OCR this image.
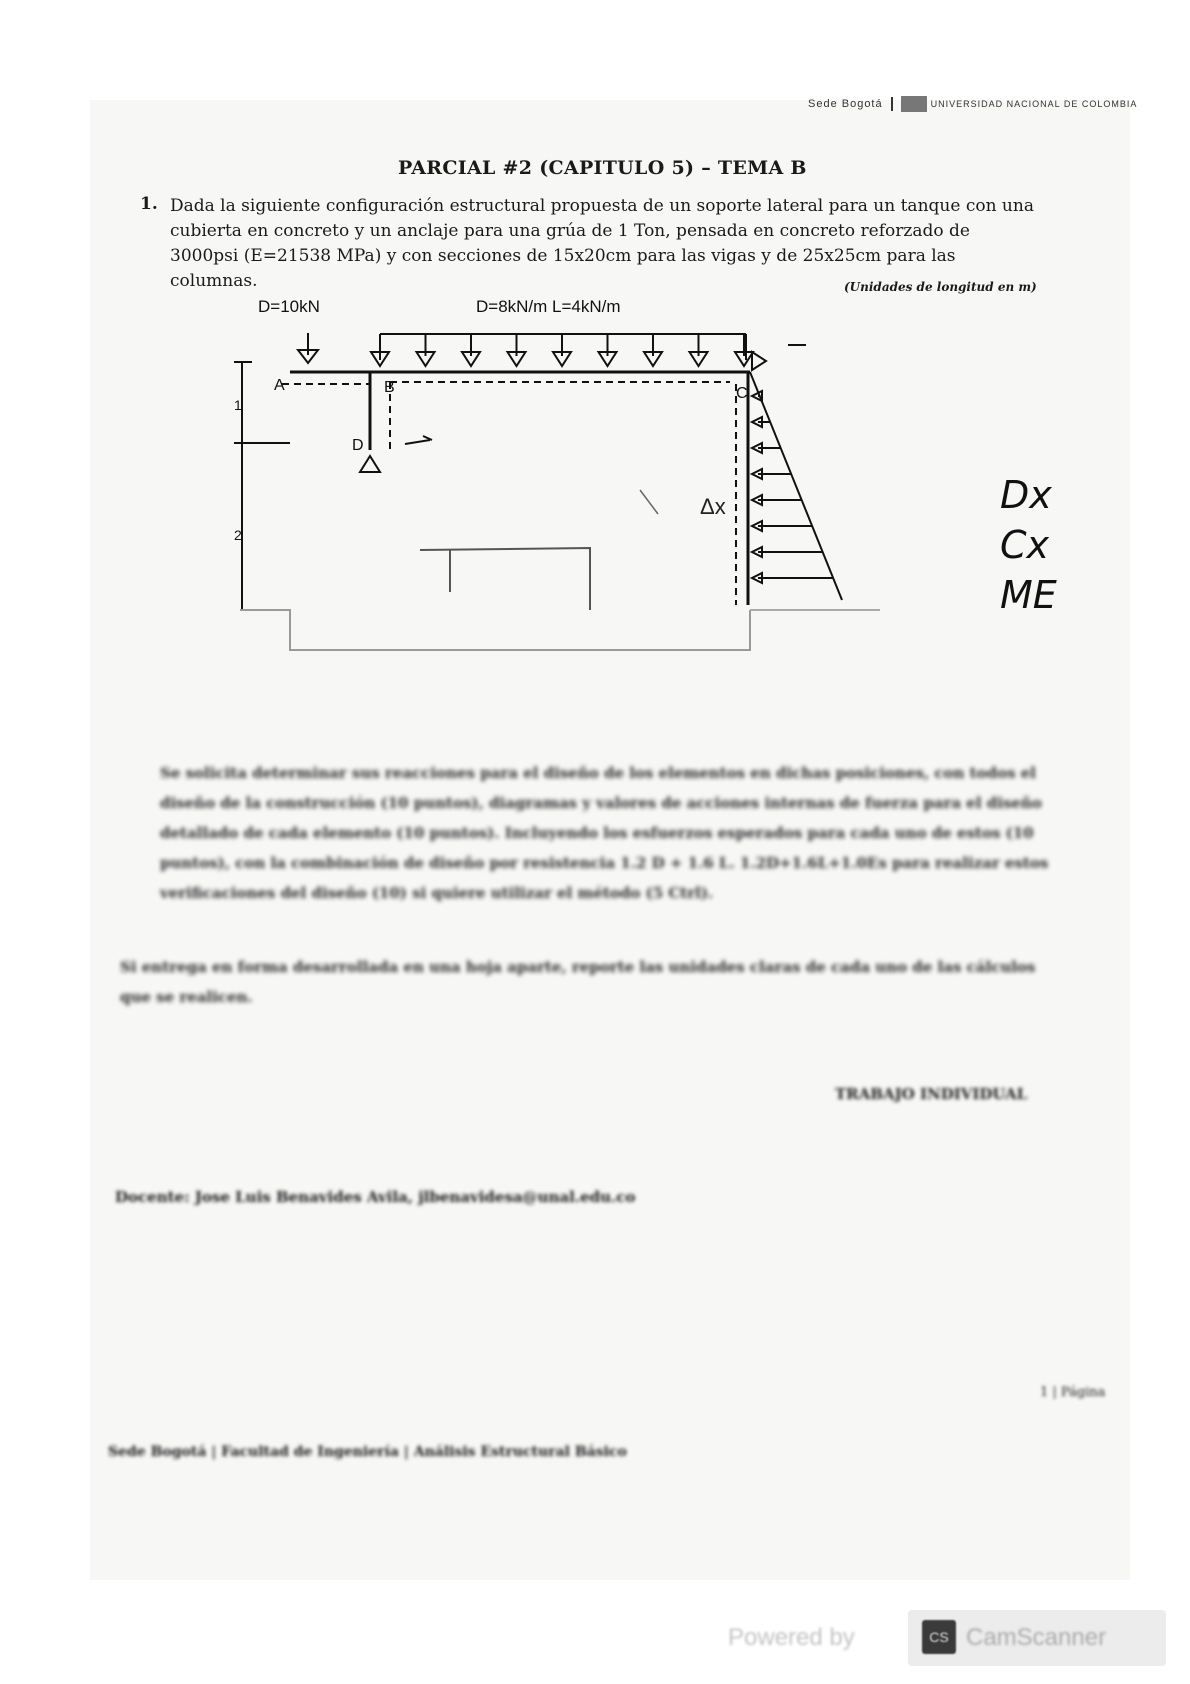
Sede Bogotá	UNIVERSIDAD NACIONAL DE COLOMBIA
PARCIAL #2 (CAPITULO 5) – TEMA B
1. Dada la siguiente configuración estructural propuesta de un soporte lateral para un tanque con una cubierta en concreto y un anclaje para una grúa de 1 Ton, pensada en concreto reforzado de 3000psi (E=21538 MPa) y con secciones de 15x20cm para las vigas y de 25x25cm para las columnas.	(Unidades de longitud en m)
D=10kN	D=8kN/m L=4kN/m
A	B	C
D
1
2
Δx	Dx
Cx
ME
Se solicita determinar sus reacciones para el diseño de los elementos en dichas posiciones, con todos el diseño de la construcción (10 puntos), diagramas y valores de acciones internas de fuerza para el diseño detallado de cada elemento (10 puntos). Incluyendo los esfuerzos esperados para cada uno de estos (10 puntos), con la combinación de diseño por resistencia 1.2 D + 1.6 L. 1.2D+1.6L+1.0Es para realizar estos verificaciones del diseño (10) si quiere utilizar el método (5 Ctrl).
Si entrega en forma desarrollada en una hoja aparte, reporte las unidades claras de cada uno de las cálculos que se realicen.
TRABAJO INDIVIDUAL
Docente: Jose Luis Benavides Avila, jlbenavidesa@unal.edu.co
1 | Página
Sede Bogotá | Facultad de Ingeniería | Análisis Estructural Básico
Powered by	CS CamScanner
